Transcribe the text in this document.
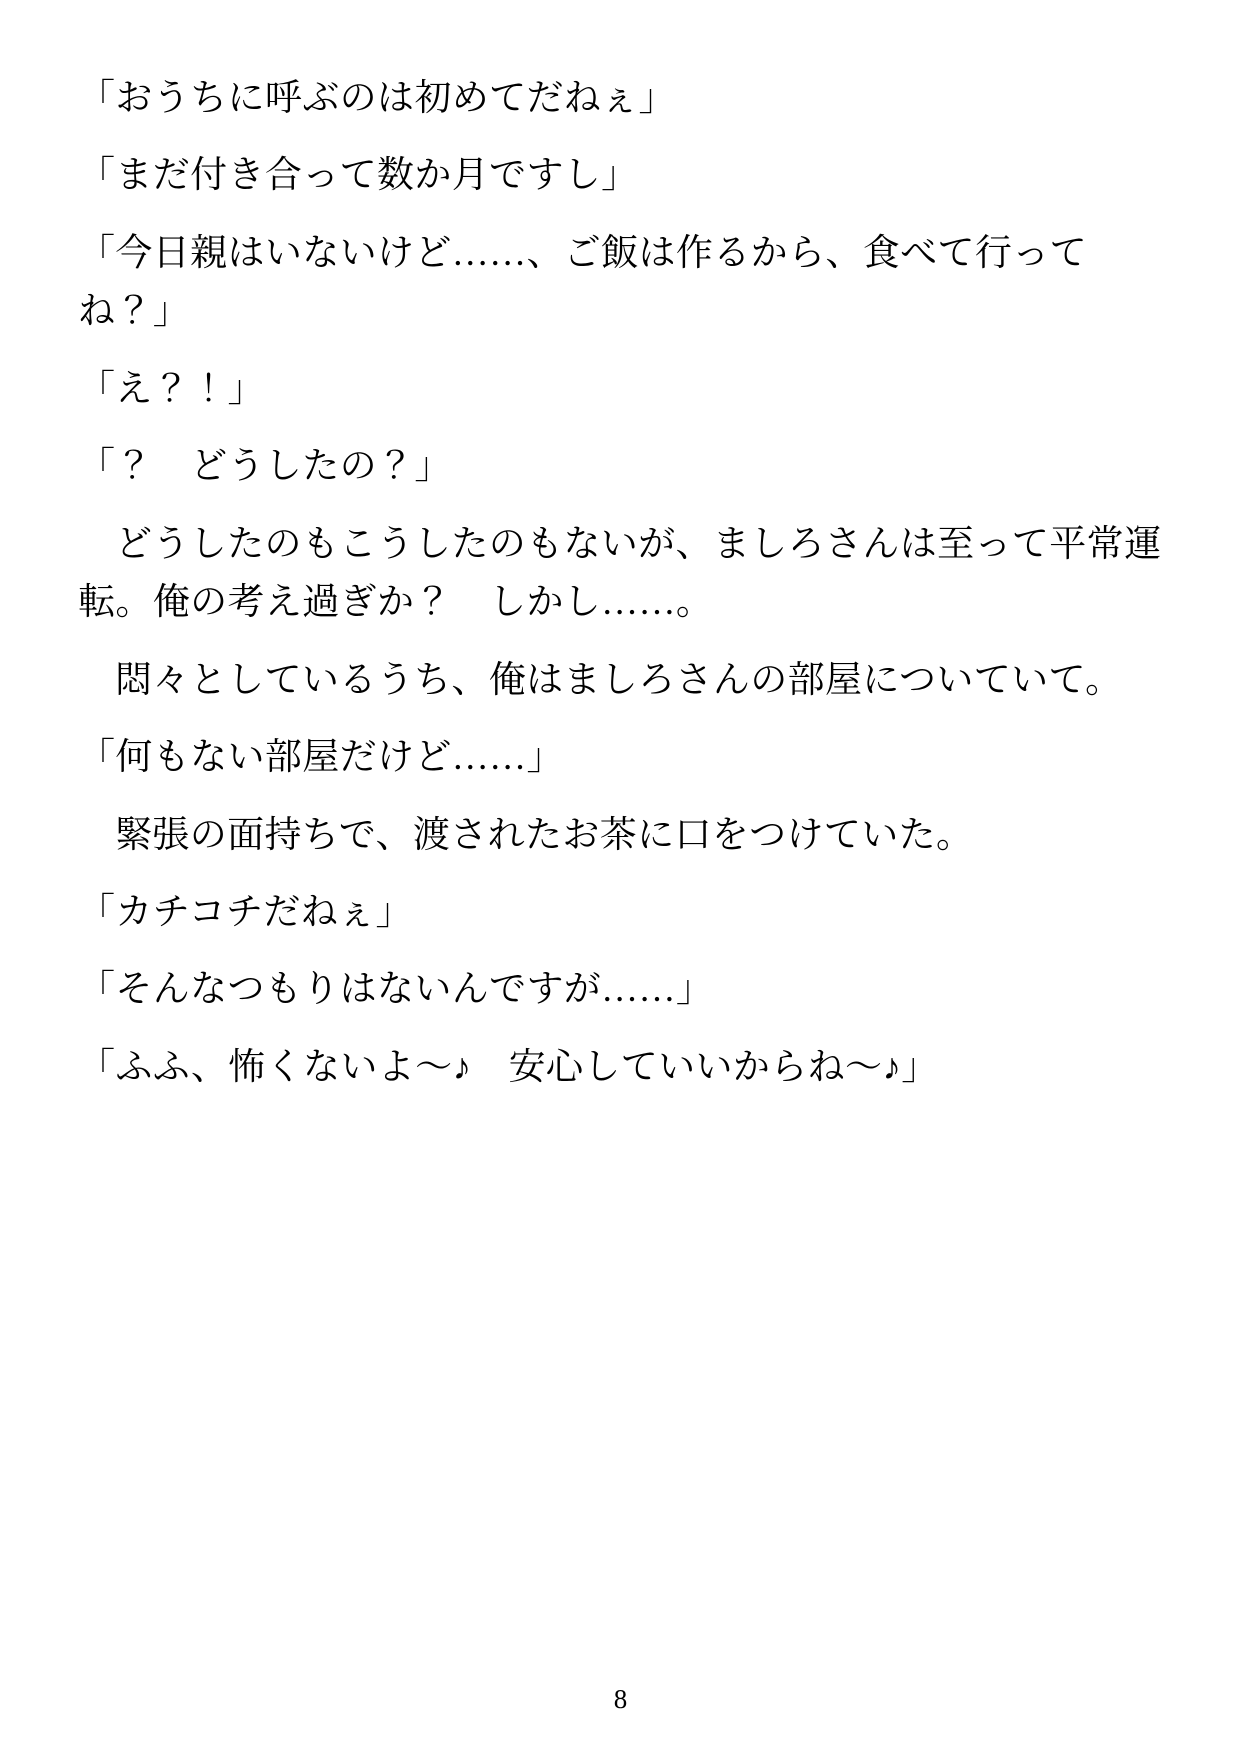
「おうちに呼ぶのは初めてだねぇ」

「まだ付き合って数か月ですし」

「今日親はいないけど……、ご飯は作るから、食べて行ってね？」

「え？！」

「？　どうしたの？」

どうしたのもこうしたのもないが、ましろさんは至って平常運転。俺の考え過ぎか？　しかし……。

悶々としているうち、俺はましろさんの部屋についていて。

「何もない部屋だけど……」

緊張の面持ちで、渡されたお茶に口をつけていた。

「カチコチだねぇ」

「そんなつもりはないんですが……」

「ふふ、怖くないよ～♪　安心していいからね～♪」

8
